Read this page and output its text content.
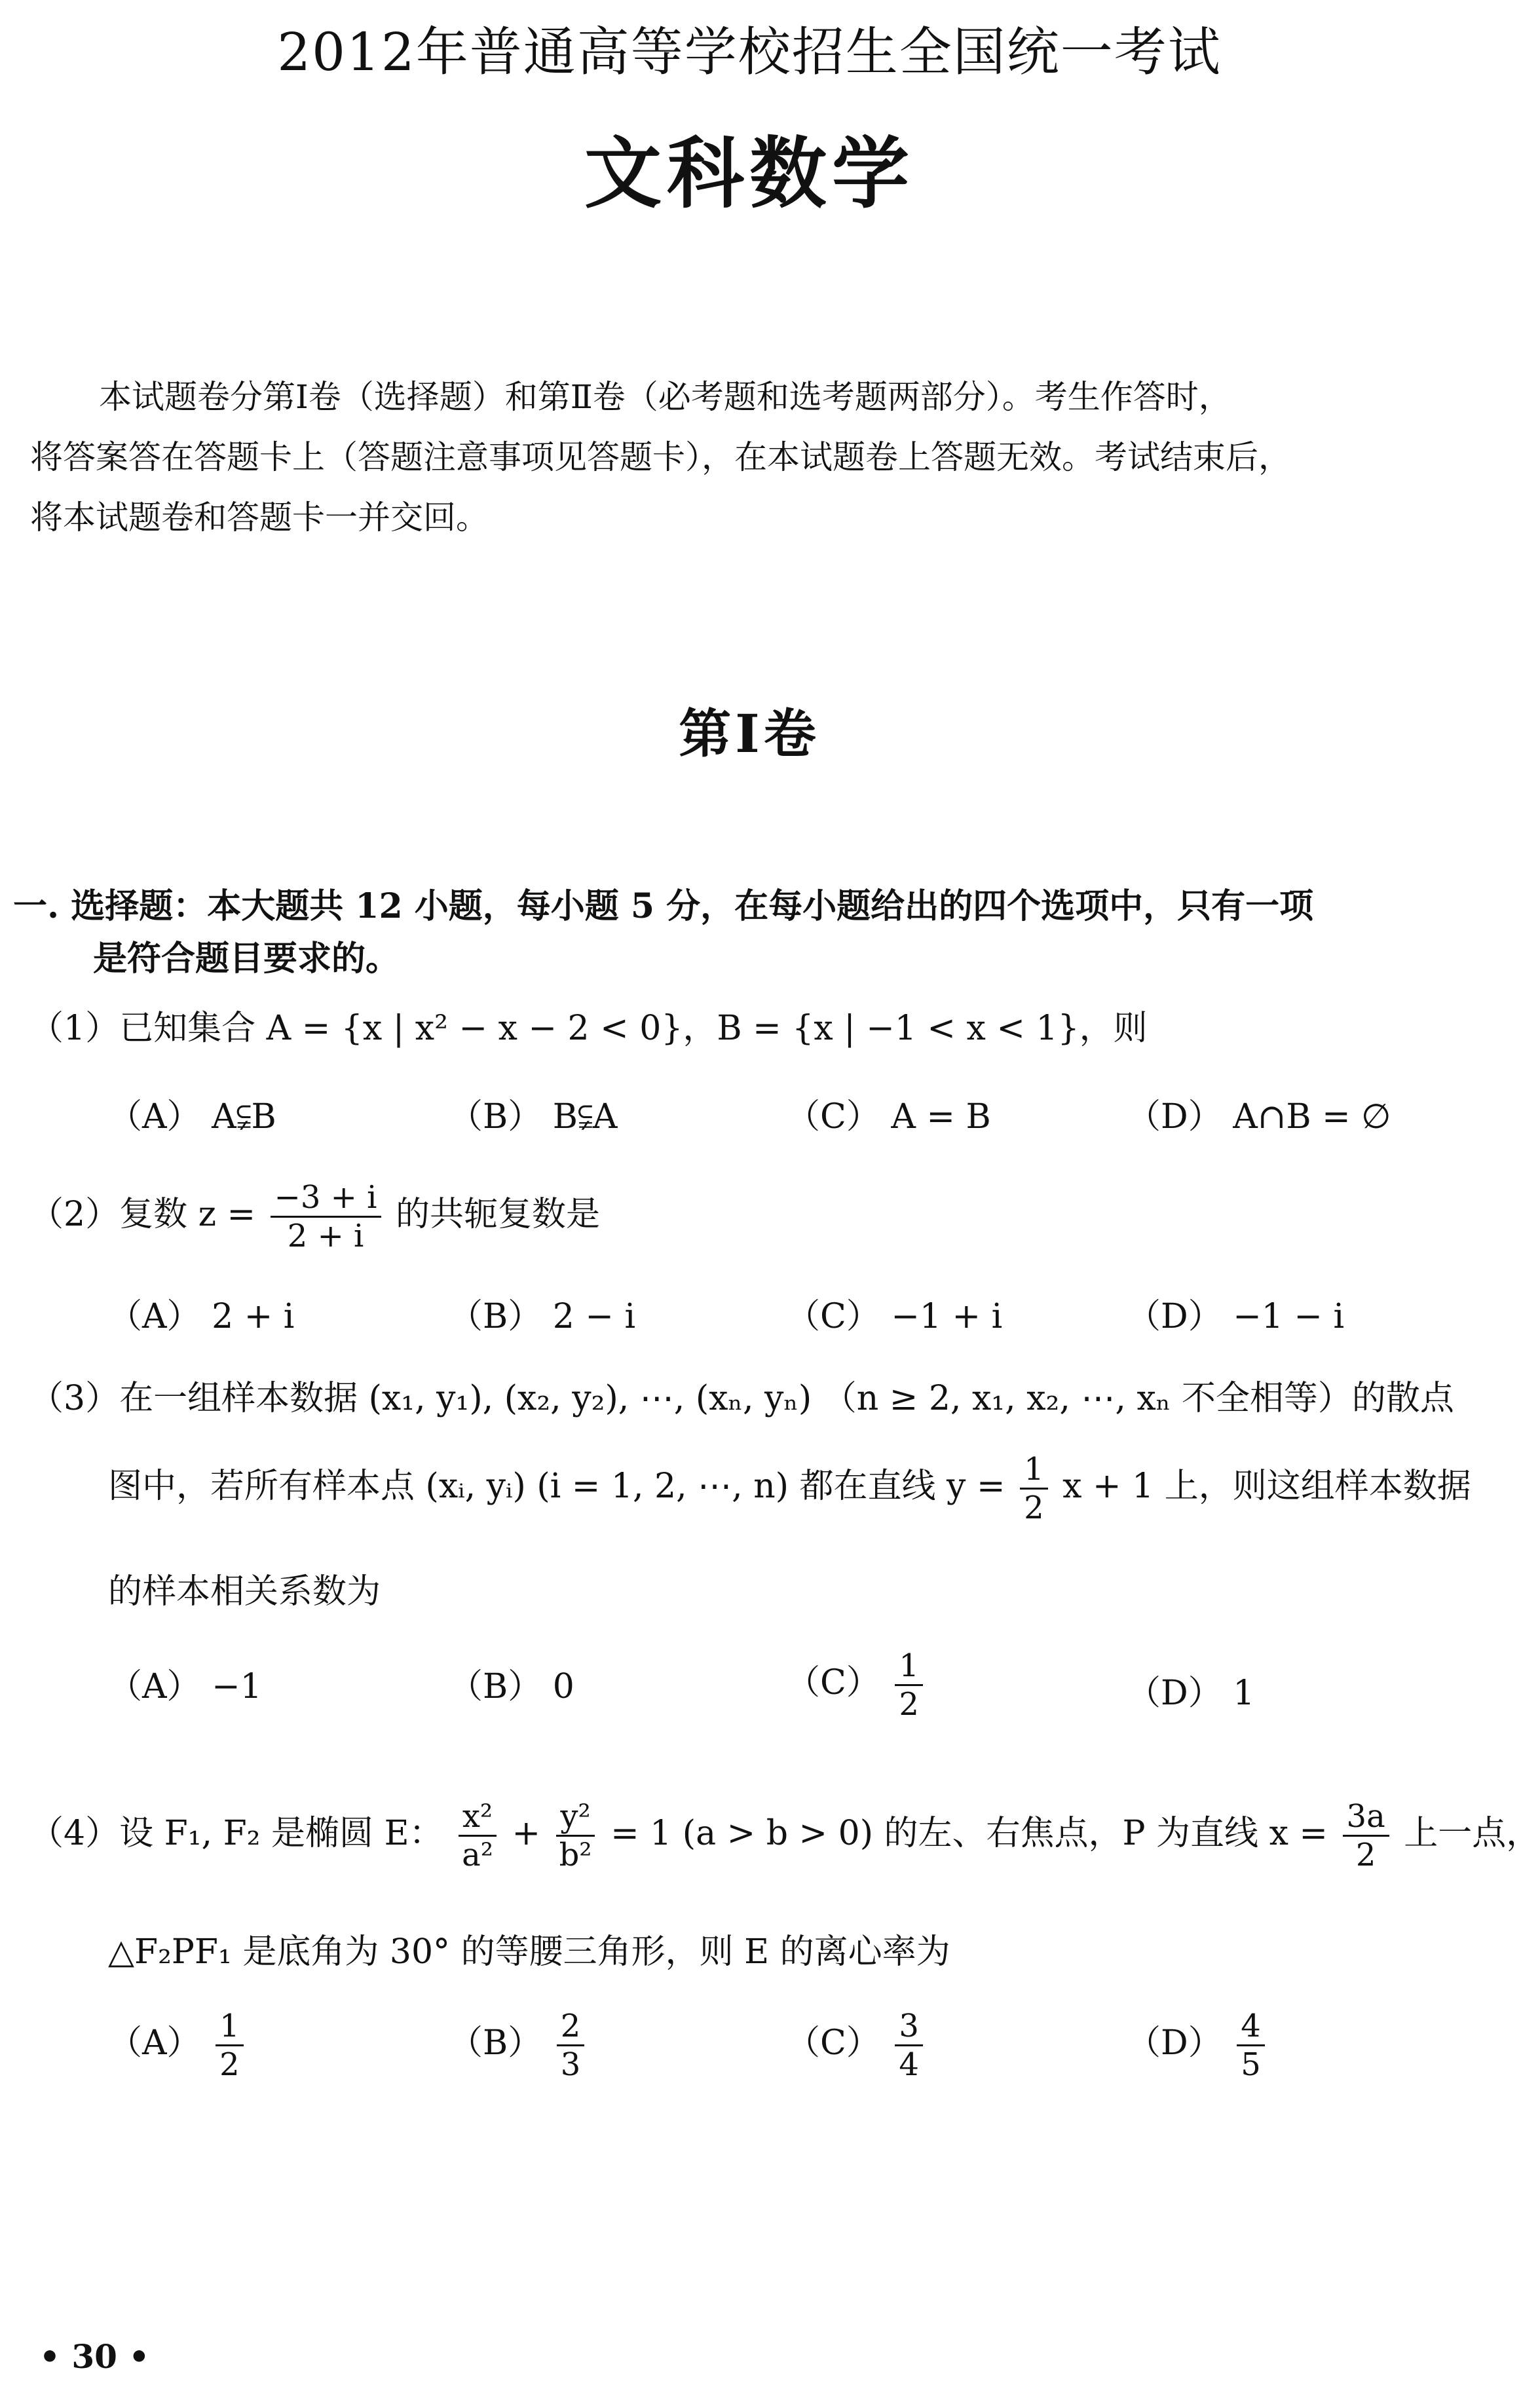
2012年普通高等学校招生全国统一考试
文科数学

本试题卷分第Ⅰ卷（选择题）和第Ⅱ卷（必考题和选考题两部分）。考生作答时，

将答案答在答题卡上（答题注意事项见答题卡），在本试题卷上答题无效。考试结束后，

将本试题卷和答题卡一并交回。

第Ⅰ卷
一. 选择题：本大题共 12 小题，每小题 5 分，在每小题给出的四个选项中，只有一项
是符合题目要求的。
（1）已知集合 A = {x | x² − x − 2 < 0}，B = {x | −1 < x < 1}，则
（A） A⫋B	（B） B⫋A	（C） A = B	（D） A∩B = ∅
（2）复数 $z = \frac{-3 + i}{2 + i}$ 的共轭复数是
（A） 2 + i	（B） 2 − i	（C） −1 + i	（D） −1 − i
（3）在一组样本数据 (x₁, y₁), (x₂, y₂), ⋯, (xₙ, yₙ) （n ≥ 2, x₁, x₂, ⋯, xₙ 不全相等）的散点
图中，若所有样本点 (xᵢ, yᵢ) (i = 1, 2, ⋯, n) 都在直线 $y = \frac{1}{2}$ x + 1 上，则这组样本数据
的样本相关系数为
（A） −1	（B） 0	$(C) \frac{1}{2}$	（D） 1
（4）设 F₁, F₂ 是椭圆 E： $\frac{\text{x²}}{\text{a²}} + \frac{\text{y²}}{\text{b²}} = 1$ (a > b > 0) 的左、右焦点，P 为直线 $x = \frac{3a}{2}$ 上一点，
△F₂PF₁ 是底角为 30° 的等腰三角形，则 E 的离心率为
$(A) \frac{1}{2}$	$(B) \frac{2}{3}$	$(C) \frac{3}{4}$	$(D) \frac{4}{5}$
• 30 •
